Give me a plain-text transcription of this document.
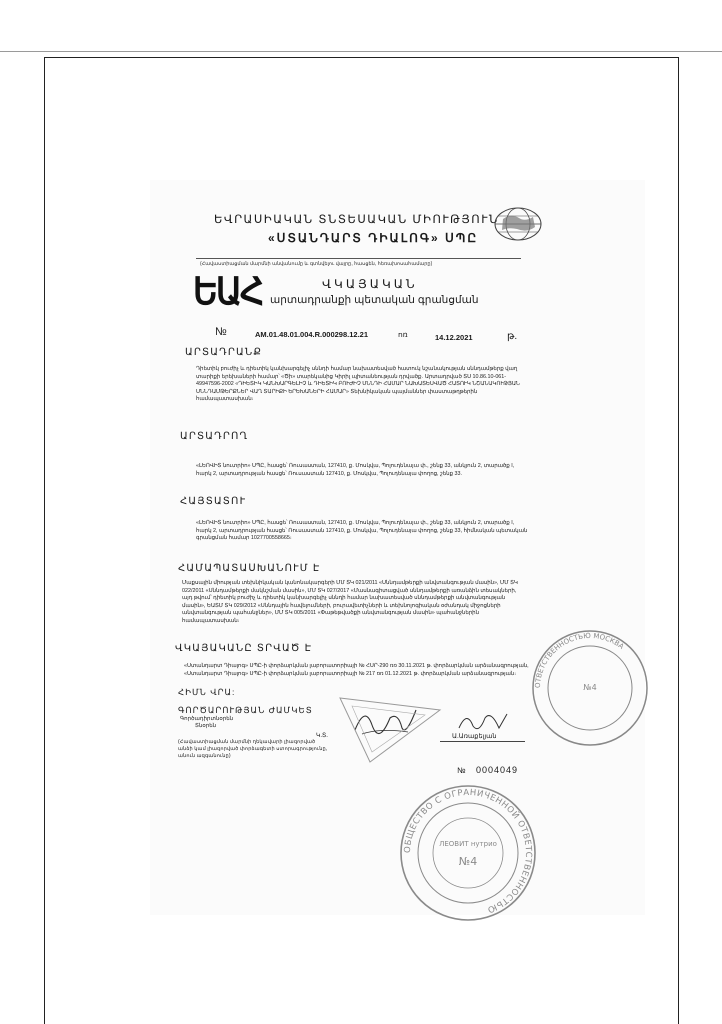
ԵՎՐԱՍԻԱԿԱՆ ՏՆՏԵՍԱԿԱՆ ՄԻՈՒԹՅՈՒՆ
«ՍՏԱՆԴԱՐՏ ԴԻԱԼՈԳ» ՍՊԸ
(Հավաստիացման մարմնի անվանումը և գտնվելու վայրը, հասցեն, հեռախոսահամարը)
ԵԱՀ	ՎԿԱՅԱԿԱՆ
արտադրանքի պետական գրանցման
№	AM.01.48.01.004.R.000298.12.21	ոռ	14.12.2021	թ.
ԱՐՏԱԴՐԱՆՔ
Դիետիկ բուժիչ և դիետիկ կանխարգելիչ սննդի համար նախատեսված հատուկ նշանակության սննդամթերք վաղ տարիքի երեխաների համար՝ «Ծի» տարեկանից Կիրիլ պիտանեության դրվածք․ Արտադրված ՏՍ 10.86.10-061-49947596-2002 «ԴԻԵՏԻԿ ԿԱՆԽԱՐԳԵԼԻՉ և ԴԻԵՏԻԿ ԲՈՒԺԻՉ ՍՆՆԴԻ ՀԱՄԱՐ ՆԱԽԱՏԵՍՎԱԾ ՀԱՏՈՒԿ ՆՇԱՆԱԿՈՒԹՅԱՆ ՍՆՆԴԱՄԹԵՐՔՆԵՐ ՎԱՂ ՏԱՐԻՔԻ ԵՐԵԽԱՆԵՐԻ ՀԱՄԱՐ» Տեխնիկական պայմաններ փաստաթղթերին համապատասխան։
ԱՐՏԱԴՐՈՂ
«ԼԵՈՎԻՏ նուտրիո» ՍՊԸ, հասցե՝ Ռուսաստան, 127410, ք. Մոսկվա, Պոլուդենայա փ., շենք 33, անկյուն 2, տարածք I, հարկ 2, արտադրության հասցե՝ Ռուսաստան 127410, ք. Մոսկվա, Պոլուդենայա փողոց, շենք 33.
ՀԱՅՏԱՏՈՒ
«ԼԵՈՎԻՏ նուտրիո» ՍՊԸ, հասցե՝ Ռուսաստան, 127410, ք. Մոսկվա, Պոլուդենայա փ., շենք 33, անկյուն 2, տարածք I, հարկ 2, արտադրության հասցե՝ Ռուսաստան 127410, ք. Մոսկվա, Պոլուդենայա փողոց, շենք 33, հիմնական պետական գրանցման համար 1027700558665։
ՀԱՄԱՊԱՏԱՍԽԱՆՈՒՄ Է
Մաքսային միության տեխնիկական կանոնակարգերի ՄՄ ՏԿ 021/2011 «Սննդամթերքի անվտանգության մասին», ՄՄ ՏԿ 022/2011 «Սննդամթերքի մակնշման մասին», ՄՄ ՏԿ 027/2017 «Մասնագիտացված սննդամթերքի առանձին տեսակների, այդ թվում՝ դիետիկ բուժիչ և դիետիկ կանխարգելիչ սննդի համար նախատեսված սննդամթերքի անվտանգության մասին», ԵԱՏՄ ՏԿ 029/2012 «Սննդային հավելումների, բուրավետիչների և տեխնոլոգիական օժանդակ միջոցների անվտանգության պահանջներ», ՄՄ ՏԿ 005/2011 «Փաթեթվածքի անվտանգության մասին» պահանջներին համապատասխան։
ՎԿԱՅԱԿԱՆԸ ՏՐՎԱԾ Է
«Ստանդարտ Դիալոգ» ՍՊԸ-ի փորձարկման լաբորատորիայի № ՀՍՐ-290 ռռ 30.11.2021 թ. փորձարկման արձանագրության, «Ստանդարտ Դիալոգ» ՍՊԸ-ի փորձարկման լաբորատորիայի № 217 ռռ 01.12.2021 թ. փորձարկման արձանագրության։
ՀԻՄՆ ՎՐԱ:
ԳՈՐԾԱՐՈՒԹՅԱՆ ԺԱՄԿԵՏ
Գործադիրտնօրեն
Տնօրեն
Կ.Տ.	Ա.Առաքելյան
(Հավաստիացման մարմնի ղեկավարի լիազորված անձի կամ լիազորված փորձագետի ստորագրությունը, անուն ազգանունը)
№ 0004049
ОТВЕТСТВЕННОСТЬЮ МОСКВА
№4
ОБЩЕСТВО С ОГРАНИЧЕННОЙ ОТВЕТСТВЕННОСТЬЮ
ЛЕОВИТ нутрио
№4
